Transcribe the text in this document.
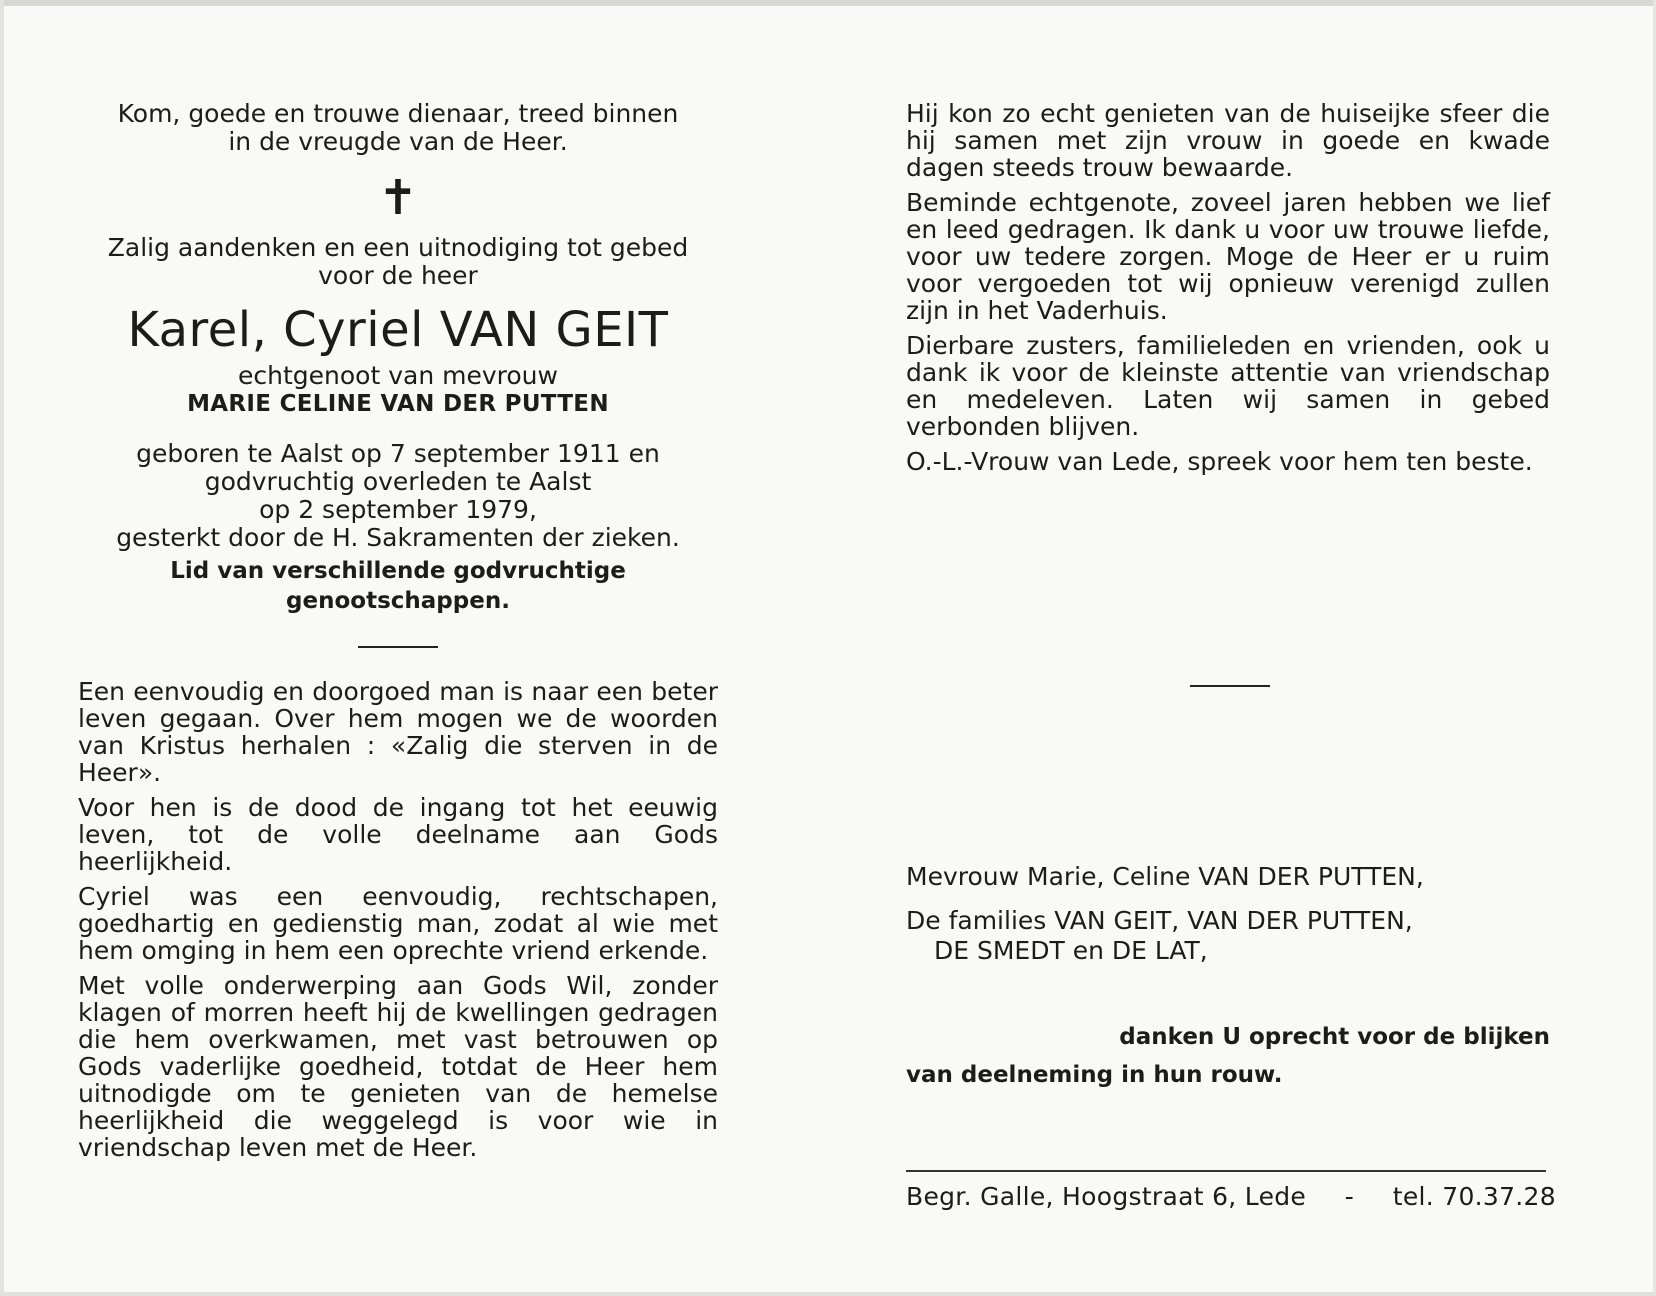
Kom, goede en trouwe dienaar, treed binnen

in de vreugde van de Heer.

✝

Zalig aandenken en een uitnodiging tot gebed

voor de heer

Karel, Cyriel VAN GEIT

echtgenoot van mevrouw

MARIE CELINE VAN DER PUTTEN

geboren te Aalst op 7 september 1911 en

godvruchtig overleden te Aalst

op 2 september 1979,

gesterkt door de H. Sakramenten der zieken.

Lid van verschillende godvruchtige

genootschappen.

Een eenvoudig en doorgoed man is naar een beter leven gegaan. Over hem mogen we de woorden van Kristus herhalen : «Zalig die sterven in de Heer».

Voor hen is de dood de ingang tot het eeuwig leven, tot de volle deelname aan Gods heerlijkheid.

Cyriel was een eenvoudig, rechtschapen, goedhartig en gedienstig man, zodat al wie met hem omging in hem een oprechte vriend erkende.

Met volle onderwerping aan Gods Wil, zonder klagen of morren heeft hij de kwellingen gedragen die hem overkwamen, met vast betrouwen op Gods vaderlijke goedheid, totdat de Heer hem uitnodigde om te genieten van de hemelse heerlijkheid die weggelegd is voor wie in vriendschap leven met de Heer.

Hij kon zo echt genieten van de huiseijke sfeer die hij samen met zijn vrouw in goede en kwade dagen steeds trouw bewaarde.

Beminde echtgenote, zoveel jaren hebben we lief en leed gedragen. Ik dank u voor uw trouwe liefde, voor uw tedere zorgen. Moge de Heer er u ruim voor vergoeden tot wij opnieuw verenigd zullen zijn in het Vaderhuis.

Dierbare zusters, familieleden en vrienden, ook u dank ik voor de kleinste attentie van vriendschap en medeleven. Laten wij samen in gebed verbonden blijven.

O.-L.-Vrouw van Lede, spreek voor hem ten beste.

Mevrouw Marie, Celine VAN DER PUTTEN,
De families VAN GEIT, VAN DER PUTTEN,
DE SMEDT en DE LAT,
danken U oprecht voor de blijken
van deelneming in hun rouw.
Begr. Galle, Hoogstraat 6, Lede - tel. 70.37.28
